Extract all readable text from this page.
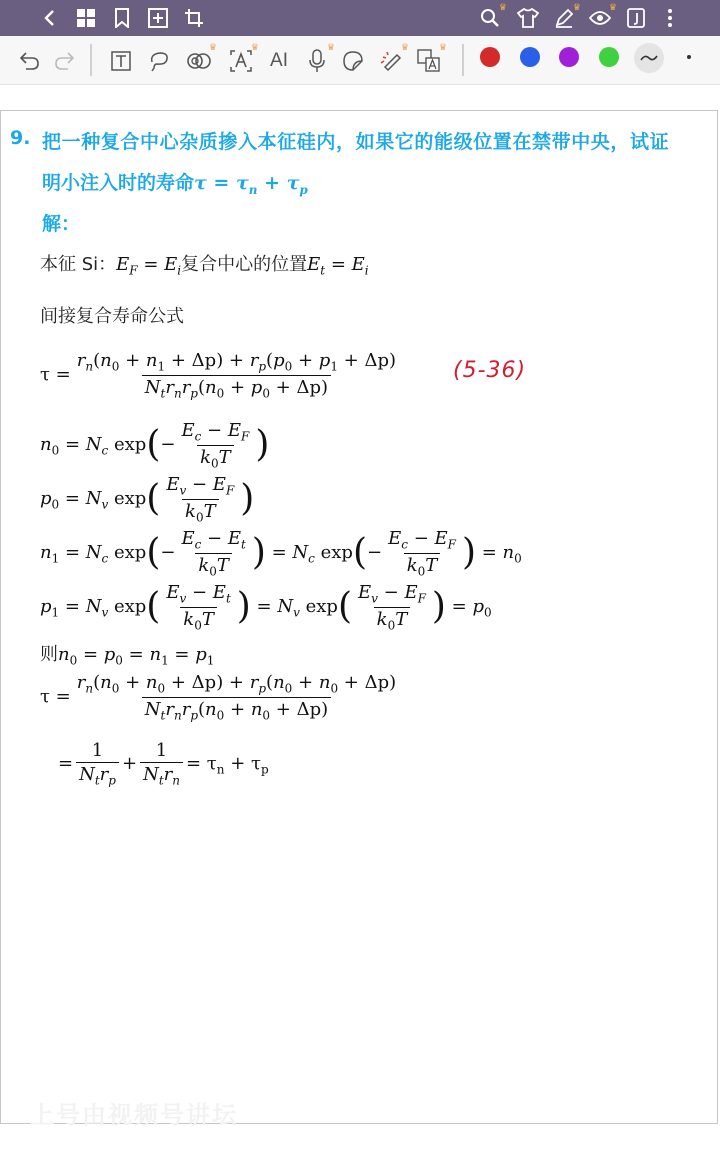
♛	♛	♛
♛	♛
AI
♛	♛	♛
9. 把一种复合中心杂质掺入本征硅内，如果它的能级位置在禁带中央，试证
明小注入时的寿命$\tau = \tau_n + \tau_p$
解：
本征 Si：$E_F = E_i$复合中心的位置$E_t = E_i$
间接复合寿命公式
$\tau = \frac{r_n(n_0 + n_1 + \Delta p) + r_p(p_0 + p_1 + \Delta p)}{N_tr_nr_p(n_0 + p_0 + \Delta p)} (5-36)$
$n_0 = N_c$ $\exp(- \frac{E_c - E_F}{k_0T}$ )
$p_0 = N_v$ $\exp( \frac{E_v - E_F}{k_0T}$ )
$n_1 = N_c$ $\exp(- \frac{E_c - E_t}{k_0T}$ ) = $N_c$ $\exp(- \frac{E_c - E_F}{k_0T}$ ) = $n_0$
$p_1 = N_v$ $\exp( \frac{E_v - E_t}{k_0T}$ ) = $N_v$ $\exp( \frac{E_v - E_F}{k_0T}$ ) = $p_0$
则$n_0 = p_0 = n_1 = p_1$
$\tau = \frac{r_n(n_0 + n_0 + \Delta p) + r_p(n_0 + n_0 + \Delta p)}{N_tr_nr_p(n_0 + n_0 + \Delta p)}$
= $\frac{1}{N_tr_p} + \frac{1}{N_tr_n} = \tau_n + \tau_p$
上号由视频号讲坛
